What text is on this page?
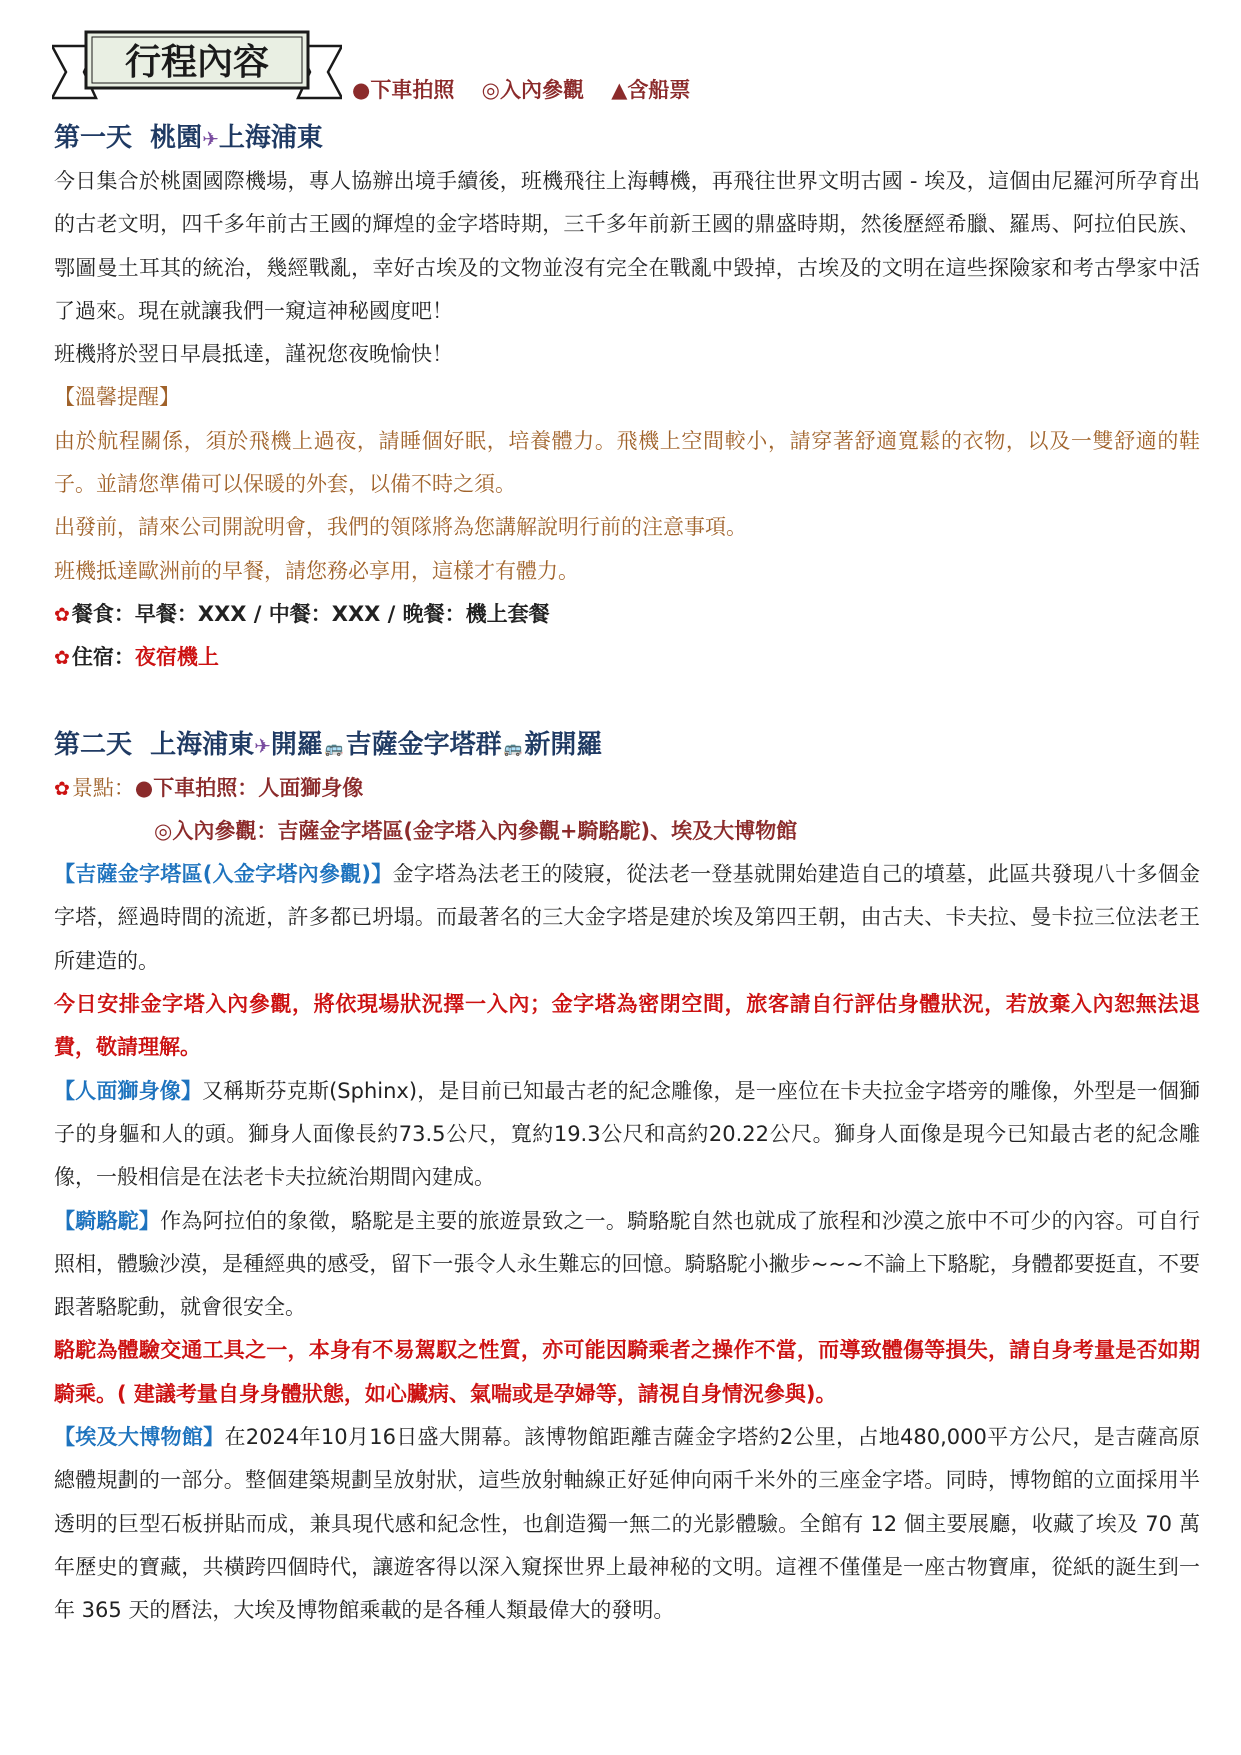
行程內容
●下車拍照 ◎入內參觀 ▲含船票
第一天 桃園✈上海浦東
今日集合於桃園國際機場，專人協辦出境手續後，班機飛往上海轉機，再飛往世界文明古國 - 埃及，這個由尼羅河所孕育出的古老文明，四千多年前古王國的輝煌的金字塔時期，三千多年前新王國的鼎盛時期，然後歷經希臘、羅馬、阿拉伯民族、鄂圖曼土耳其的統治，幾經戰亂，幸好古埃及的文物並沒有完全在戰亂中毀掉，古埃及的文明在這些探險家和考古學家中活了過來。現在就讓我們一窺這神秘國度吧！
班機將於翌日早晨抵達，謹祝您夜晚愉快！
【溫馨提醒】
由於航程關係，須於飛機上過夜，請睡個好眠，培養體力。飛機上空間較小，請穿著舒適寬鬆的衣物，以及一雙舒適的鞋子。並請您準備可以保暖的外套，以備不時之須。
出發前，請來公司開說明會，我們的領隊將為您講解說明行前的注意事項。
班機抵達歐洲前的早餐，請您務必享用，這樣才有體力。
✿餐食：早餐：XXX / 中餐：XXX / 晚餐：機上套餐
✿住宿：夜宿機上
第二天 上海浦東✈開羅 🚌吉薩金字塔群 🚌新開羅
✿景點：●下車拍照：人面獅身像
◎入內參觀：吉薩金字塔區(金字塔入內參觀+騎駱駝)、埃及大博物館
【吉薩金字塔區(入金字塔內參觀)】金字塔為法老王的陵寢，從法老一登基就開始建造自己的墳墓，此區共發現八十多個金字塔，經過時間的流逝，許多都已坍塌。而最著名的三大金字塔是建於埃及第四王朝，由古夫、卡夫拉、曼卡拉三位法老王所建造的。
今日安排金字塔入內參觀，將依現場狀況擇一入內；金字塔為密閉空間，旅客請自行評估身體狀況，若放棄入內恕無法退費，敬請理解。
【人面獅身像】又稱斯芬克斯(Sphinx)，是目前已知最古老的紀念雕像，是一座位在卡夫拉金字塔旁的雕像，外型是一個獅子的身軀和人的頭。獅身人面像長約73.5公尺，寬約19.3公尺和高約20.22公尺。獅身人面像是現今已知最古老的紀念雕像，一般相信是在法老卡夫拉統治期間內建成。
【騎駱駝】作為阿拉伯的象徵，駱駝是主要的旅遊景致之一。騎駱駝自然也就成了旅程和沙漠之旅中不可少的內容。可自行照相，體驗沙漠，是種經典的感受，留下一張令人永生難忘的回憶。騎駱駝小撇步~~~不論上下駱駝，身體都要挺直，不要跟著駱駝動，就會很安全。
駱駝為體驗交通工具之一，本身有不易駕馭之性質，亦可能因騎乘者之操作不當，而導致體傷等損失，請自身考量是否如期騎乘。( 建議考量自身身體狀態，如心臟病、氣喘或是孕婦等，請視自身情況參與)。
【埃及大博物館】在2024年10月16日盛大開幕。該博物館距離吉薩金字塔約2公里，占地480,000平方公尺，是吉薩高原總體規劃的一部分。整個建築規劃呈放射狀，這些放射軸線正好延伸向兩千米外的三座金字塔。同時，博物館的立面採用半透明的巨型石板拼貼而成，兼具現代感和紀念性，也創造獨一無二的光影體驗。全館有 12 個主要展廳，收藏了埃及 70 萬年歷史的寶藏，共橫跨四個時代，讓遊客得以深入窺探世界上最神秘的文明。這裡不僅僅是一座古物寶庫，從紙的誕生到一年 365 天的曆法，大埃及博物館乘載的是各種人類最偉大的發明。
